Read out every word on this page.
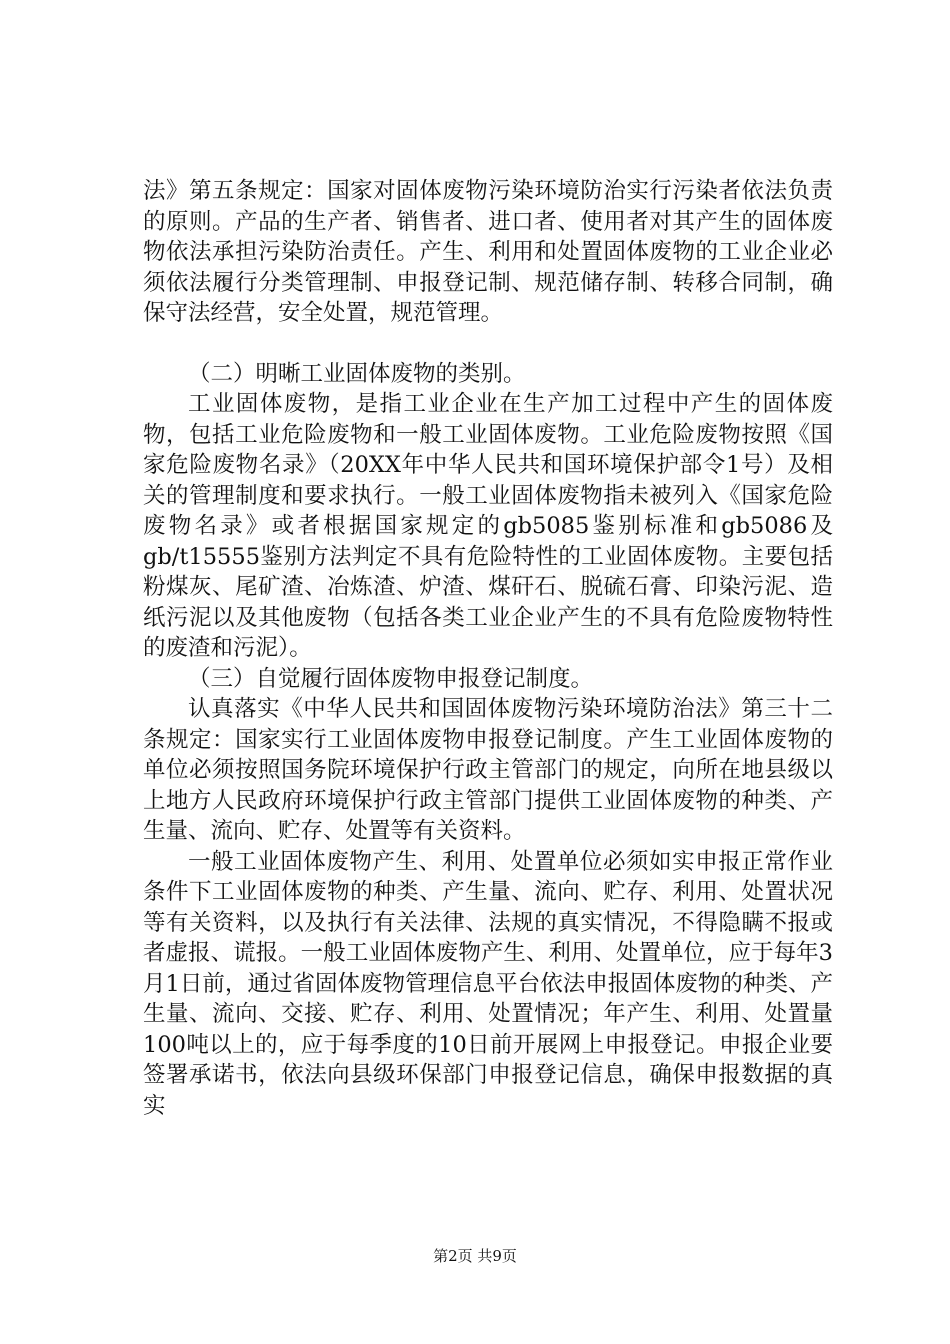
法》第五条规定：国家对固体废物污染环境防治实行污染者依法负责的原则。产品的生产者、销售者、进口者、使用者对其产生的固体废物依法承担污染防治责任。产生、利用和处置固体废物的工业企业必须依法履行分类管理制、申报登记制、规范储存制、转移合同制，确保守法经营，安全处置，规范管理。

（二）明晰工业固体废物的类别。

工业固体废物，是指工业企业在生产加工过程中产生的固体废物，包括工业危险废物和一般工业固体废物。工业危险废物按照《国家危险废物名录》（20XX年中华人民共和国环境保护部令1号）及相关的管理制度和要求执行。一般工业固体废物指未被列入《国家危险废物名录》或者根据国家规定的gb5085鉴别标准和gb5086及gb/t15555鉴别方法判定不具有危险特性的工业固体废物。主要包括粉煤灰、尾矿渣、冶炼渣、炉渣、煤矸石、脱硫石膏、印染污泥、造纸污泥以及其他废物（包括各类工业企业产生的不具有危险废物特性的废渣和污泥）。

（三）自觉履行固体废物申报登记制度。

认真落实《中华人民共和国固体废物污染环境防治法》第三十二条规定：国家实行工业固体废物申报登记制度。产生工业固体废物的单位必须按照国务院环境保护行政主管部门的规定，向所在地县级以上地方人民政府环境保护行政主管部门提供工业固体废物的种类、产生量、流向、贮存、处置等有关资料。

一般工业固体废物产生、利用、处置单位必须如实申报正常作业条件下工业固体废物的种类、产生量、流向、贮存、利用、处置状况等有关资料，以及执行有关法律、法规的真实情况，不得隐瞒不报或者虚报、谎报。一般工业固体废物产生、利用、处置单位，应于每年3月1日前，通过省固体废物管理信息平台依法申报固体废物的种类、产生量、流向、交接、贮存、利用、处置情况；年产生、利用、处置量100吨以上的，应于每季度的10日前开展网上申报登记。申报企业要签署承诺书，依法向县级环保部门申报登记信息，确保申报数据的真实

第2页 共9页
